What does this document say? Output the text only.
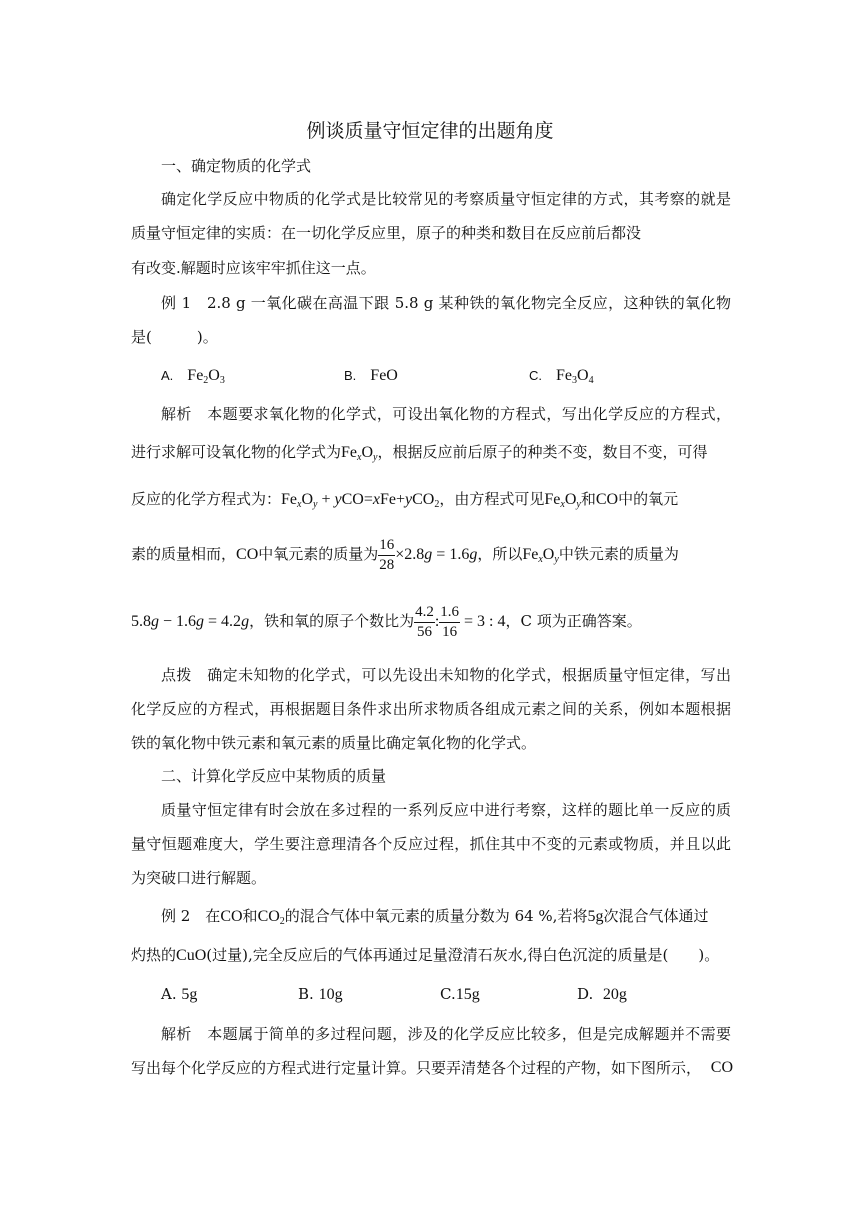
例谈质量守恒定律的出题角度
一、确定物质的化学式
确定化学反应中物质的化学式是比较常见的考察质量守恒定律的方式，其考察的就是
质量守恒定律的实质：在一切化学反应里，原子的种类和数目在反应前后都没
有改变.解题时应该牢牢抓住这一点。
例 1　2.8 g 一氧化碳在高温下跟 5.8 g 某种铁的氧化物完全反应，这种铁的氧化物
是(　　　)。
A. $Fe_2O_3$	B. FeO	C. $Fe_3O_4$
解析　本题要求氧化物的化学式，可设出氧化物的方程式，写出化学反应的方程式，
进行求解可设氧化物的化学式为$Fe_xO_y$，根据反应前后原子的种类不变，数目不变，可得
反应的化学方程式为：$Fe_xO_y + yCO=xFe+yCO_2$，由方程式可见$Fe_xO_y$和CO中的氧元
素的质量相而，CO中氧元素的质量为 $\frac{16}{28} \times 2.8g = 1.6g$，所以$Fe_xO_y$中铁元素的质量为
5.8g − 1.6g = 4.2g，铁和氧的原子个数比为 $\frac{4.2}{56}$ : $\frac{1.6}{16} = 3$ : 4，C 项为正确答案。
点拨　确定未知物的化学式，可以先设出未知物的化学式，根据质量守恒定律，写出
化学反应的方程式，再根据题目条件求出所求物质各组成元素之间的关系，例如本题根据
铁的氧化物中铁元素和氧元素的质量比确定氧化物的化学式。
二、计算化学反应中某物质的质量
质量守恒定律有时会放在多过程的一系列反应中进行考察，这样的题比单一反应的质
量守恒题难度大，学生要注意理清各个反应过程，抓住其中不变的元素或物质，并且以此
为突破口进行解题。
例 2　在CO和$CO_2$的混合气体中氧元素的质量分数为 64 %,若将5g次混合气体通过
灼热的CuO(过量),完全反应后的气体再通过足量澄清石灰水,得白色沉淀的质量是(　　)。
A. 5g	B. 10g	C.15g	D. 20g
解析　本题属于简单的多过程问题，涉及的化学反应比较多，但是完成解题并不需要
写出每个化学反应的方程式进行定量计算。只要弄清楚各个过程的产物，如下图所示， CO
